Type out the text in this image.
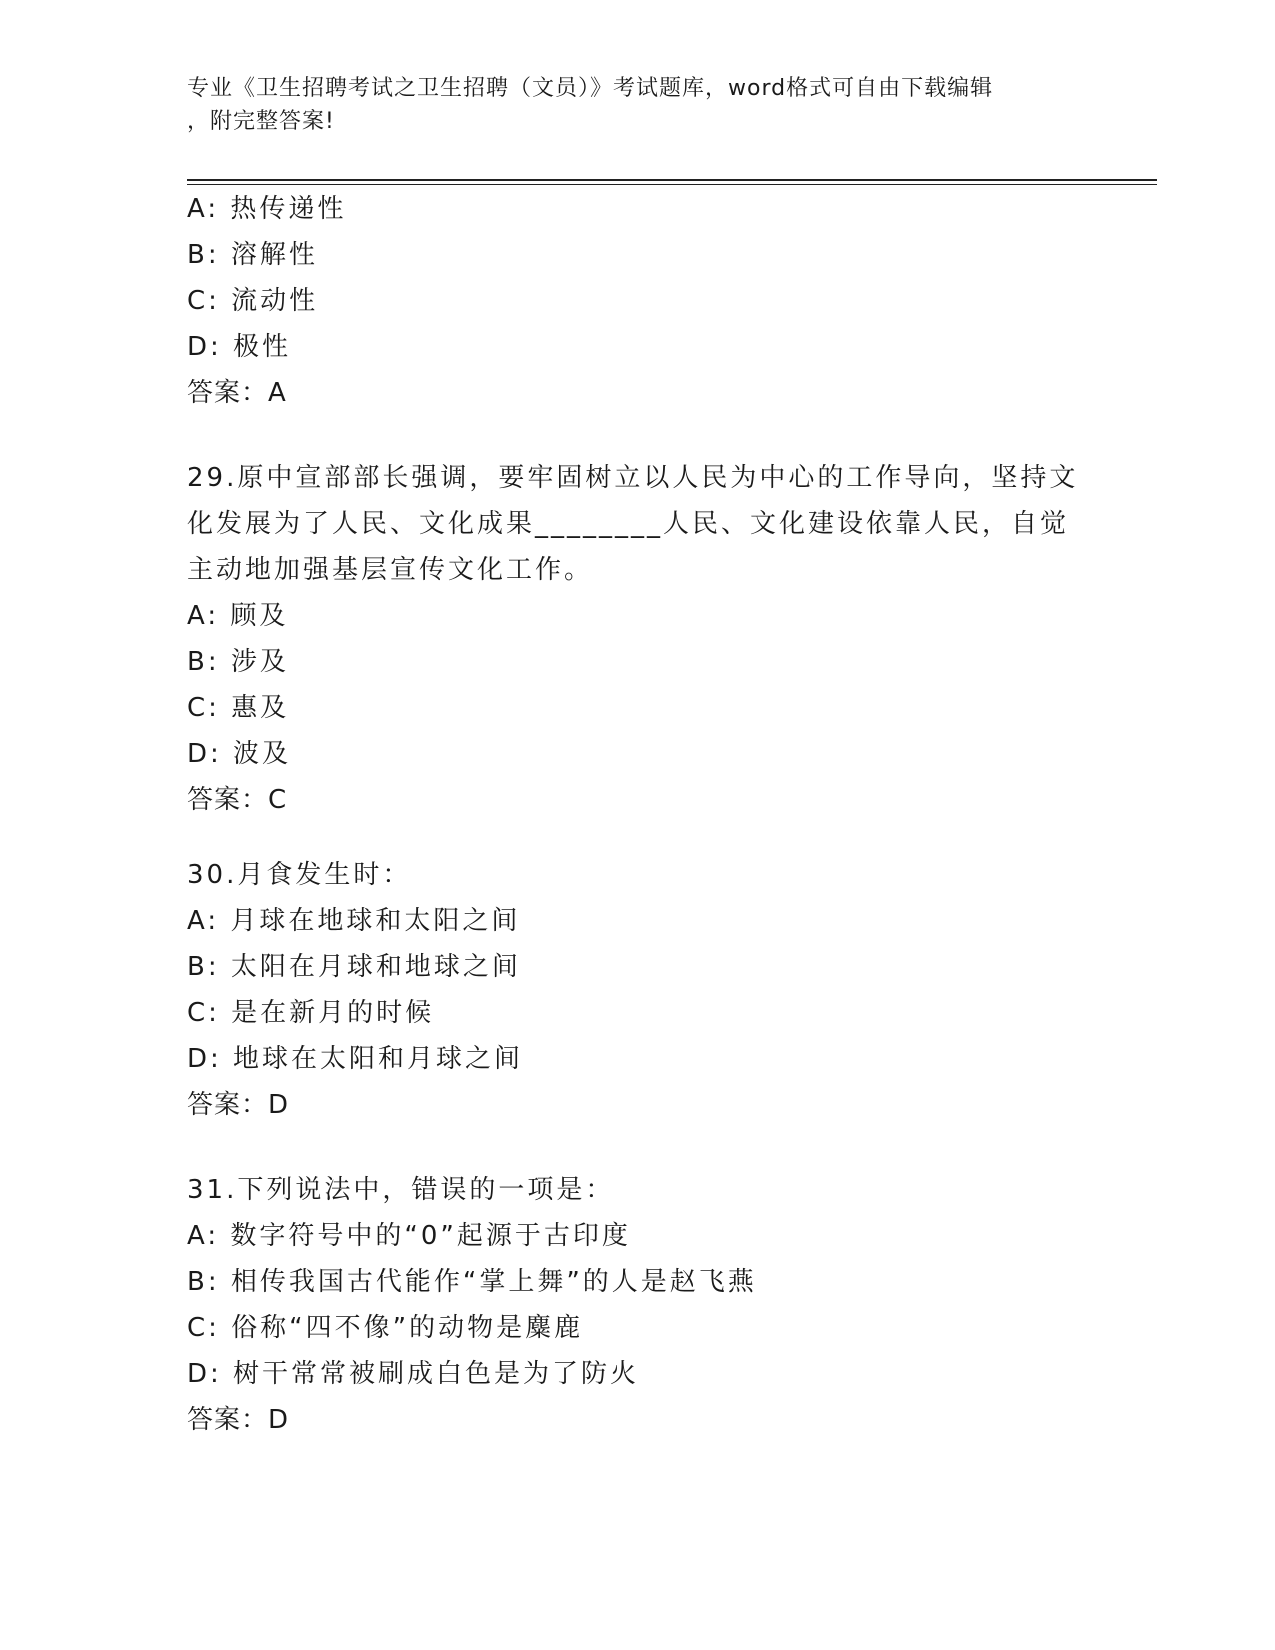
专业《卫生招聘考试之卫生招聘（文员）》考试题库，word格式可自由下载编辑
，附完整答案!
A: 热传递性
B: 溶解性
C: 流动性
D: 极性
答案：A
29.原中宣部部长强调，要牢固树立以人民为中心的工作导向，坚持文
化发展为了人民、文化成果________人民、文化建设依靠人民，自觉
主动地加强基层宣传文化工作。
A: 顾及
B: 涉及
C: 惠及
D: 波及
答案：C
30.月食发生时：
A: 月球在地球和太阳之间
B: 太阳在月球和地球之间
C: 是在新月的时候
D: 地球在太阳和月球之间
答案：D
31.下列说法中，错误的一项是：
A: 数字符号中的“0”起源于古印度
B: 相传我国古代能作“掌上舞”的人是赵飞燕
C: 俗称“四不像”的动物是麋鹿
D: 树干常常被刷成白色是为了防火
答案：D
